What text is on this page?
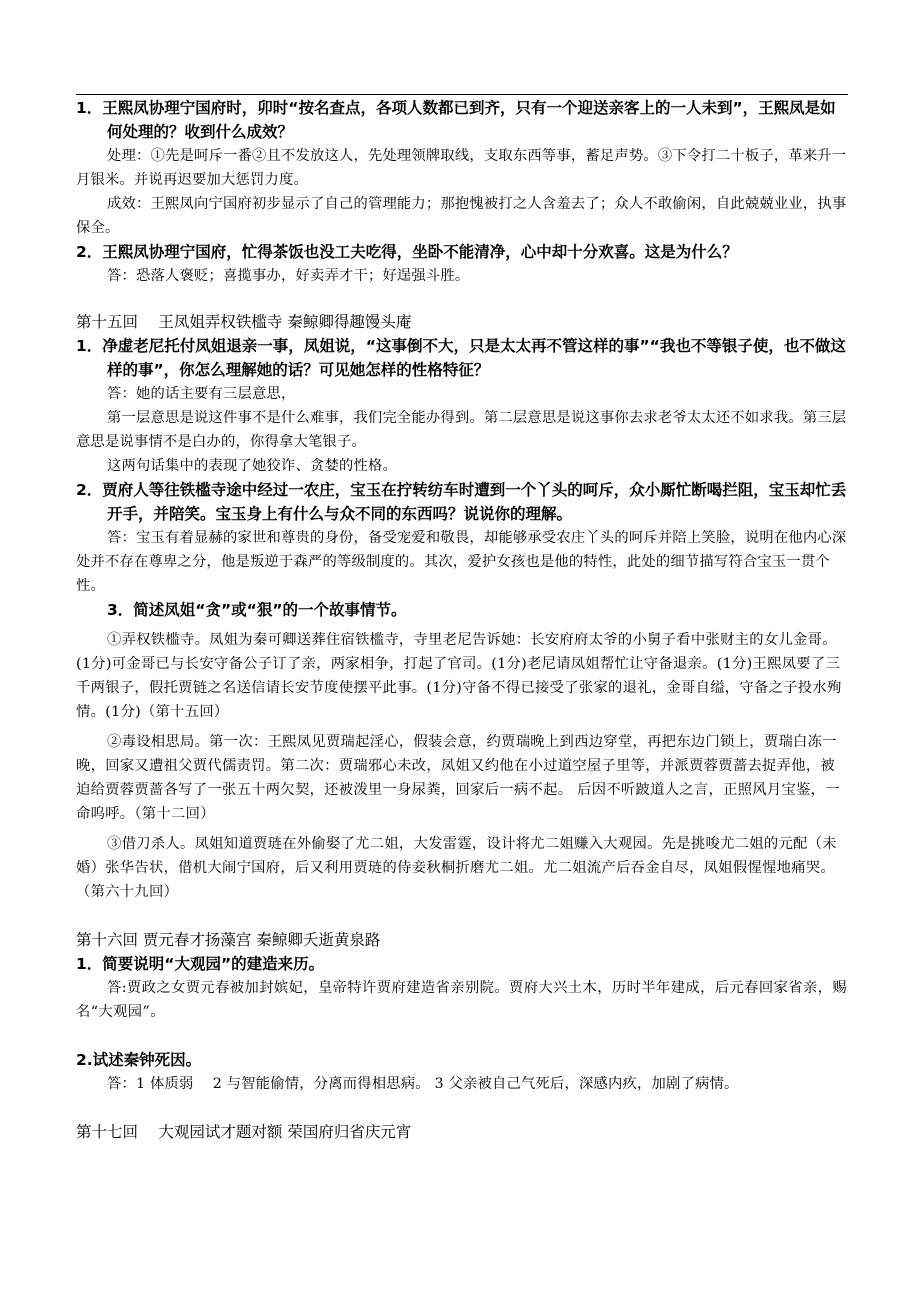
1．王熙凤协理宁国府时，卯时“按名查点，各项人数都已到齐，只有一个迎送亲客上的一人未到”，王熙凤是如何处理的？收到什么成效？

处理：①先是呵斥一番②且不发放这人，先处理领牌取线，支取东西等事，蓄足声势。③下令打二十板子，革来升一月银米。并说再迟要加大惩罚力度。

成效：王熙凤向宁国府初步显示了自己的管理能力；那抱愧被打之人含羞去了；众人不敢偷闲，自此兢兢业业，执事保全。

2．王熙凤协理宁国府，忙得茶饭也没工夫吃得，坐卧不能清净，心中却十分欢喜。这是为什么？

答：恐落人褒贬；喜揽事办，好卖弄才干；好逞强斗胜。

第十五回 　王凤姐弄权铁槛寺 秦鲸卿得趣馒头庵

1．净虚老尼托付凤姐退亲一事，凤姐说，“这事倒不大，只是太太再不管这样的事”“我也不等银子使，也不做这样的事”，你怎么理解她的话？可见她怎样的性格特征？

答：她的话主要有三层意思，

第一层意思是说这件事不是什么难事，我们完全能办得到。第二层意思是说这事你去求老爷太太还不如求我。第三层意思是说事情不是白办的，你得拿大笔银子。

这两句话集中的表现了她狡诈、贪婪的性格。

2．贾府人等往铁槛寺途中经过一农庄，宝玉在拧转纺车时遭到一个丫头的呵斥，众小厮忙断喝拦阻，宝玉却忙丢开手，并陪笑。宝玉身上有什么与众不同的东西吗？说说你的理解。

答：宝玉有着显赫的家世和尊贵的身份，备受宠爱和敬畏，却能够承受农庄丫头的呵斥并陪上笑脸，说明在他内心深处并不存在尊卑之分，他是叛逆于森严的等级制度的。其次，爱护女孩也是他的特性，此处的细节描写符合宝玉一贯个性。

3．简述凤姐“贪”或“狠”的一个故事情节。

①弄权铁槛寺。凤姐为秦可卿送葬住宿铁槛寺，寺里老尼告诉她：长安府府太爷的小舅子看中张财主的女儿金哥。(1分)可金哥已与长安守备公子订了亲，两家相争，打起了官司。(1分)老尼请凤姐帮忙让守备退亲。(1分)王熙凤要了三千两银子，假托贾链之名送信请长安节度使摆平此事。(1分)守备不得已接受了张家的退礼，金哥自缢，守备之子投水殉情。(1分)（第十五回）

②毒设相思局。第一次：王熙凤见贾瑞起淫心，假装会意，约贾瑞晚上到西边穿堂，再把东边门锁上，贾瑞白冻一晚，回家又遭祖父贾代儒责罚。第二次：贾瑞邪心未改，凤姐又约他在小过道空屋子里等，并派贾蓉贾蔷去捉弄他，被迫给贾蓉贾蔷各写了一张五十两欠契，还被泼里一身尿粪，回家后一病不起。 后因不听跛道人之言，正照风月宝鉴，一命呜呼。（第十二回）

③借刀杀人。凤姐知道贾琏在外偷娶了尤二姐，大发雷霆，设计将尤二姐赚入大观园。先是挑唆尤二姐的元配（未婚）张华告状，借机大闹宁国府，后又利用贾琏的侍妾秋桐折磨尤二姐。尤二姐流产后吞金自尽，凤姐假惺惺地痛哭。（第六十九回）

第十六回 贾元春才扬藻宫 秦鲸卿夭逝黄泉路

1．简要说明“大观园”的建造来历。

答:贾政之女贾元春被加封嫔妃，皇帝特许贾府建造省亲别院。贾府大兴土木，历时半年建成，后元春回家省亲，赐名“大观园”。

2.试述秦钟死因。

答：1 体质弱 　2 与智能偷情，分离而得相思病。 3 父亲被自己气死后，深感内疚，加剧了病情。

第十七回 　大观园试才题对额 荣国府归省庆元宵
